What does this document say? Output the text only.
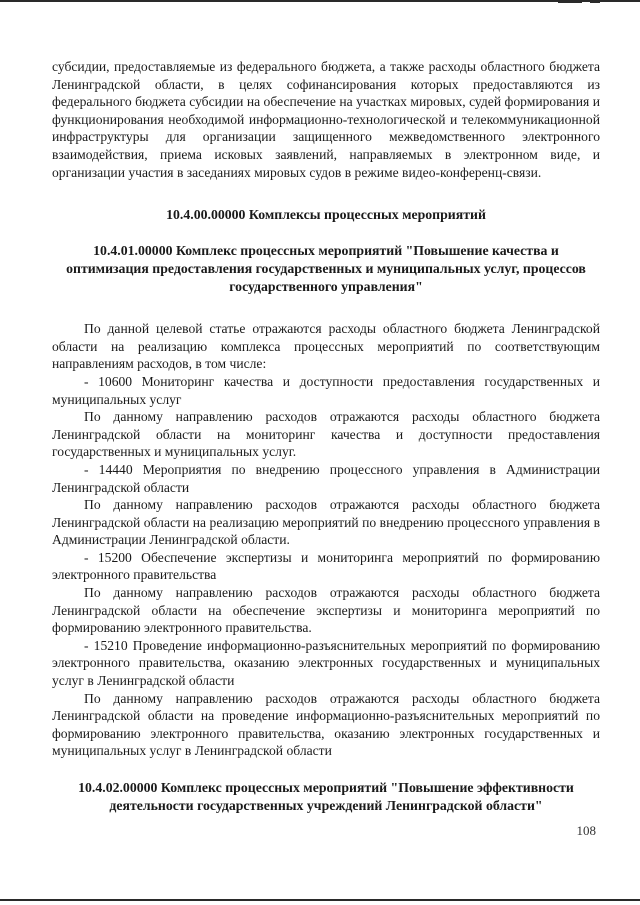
субсидии, предоставляемые из федерального бюджета, а также расходы областного бюджета Ленинградской области, в целях софинансирования которых предоставляются из федерального бюджета субсидии на обеспечение на участках мировых, судей формирования и функционирования необходимой информационно-технологической и телекоммуникационной инфраструктуры для организации защищенного межведомственного электронного взаимодействия, приема исковых заявлений, направляемых в электронном виде, и организации участия в заседаниях мировых судов в режиме видео-конференц-связи.

10.4.00.00000 Комплексы процессных мероприятий
10.4.01.00000 Комплекс процессных мероприятий "Повышение качества и оптимизация предоставления государственных и муниципальных услуг, процессов государственного управления"

По данной целевой статье отражаются расходы областного бюджета Ленинградской области на реализацию комплекса процессных мероприятий по соответствующим направлениям расходов, в том числе:

- 10600 Мониторинг качества и доступности предоставления государственных и муниципальных услуг

По данному направлению расходов отражаются расходы областного бюджета Ленинградской области на мониторинг качества и доступности предоставления государственных и муниципальных услуг.

- 14440 Мероприятия по внедрению процессного управления в Администрации Ленинградской области

По данному направлению расходов отражаются расходы областного бюджета Ленинградской области на реализацию мероприятий по внедрению процессного управления в Администрации Ленинградской области.

- 15200 Обеспечение экспертизы и мониторинга мероприятий по формированию электронного правительства

По данному направлению расходов отражаются расходы областного бюджета Ленинградской области на обеспечение экспертизы и мониторинга мероприятий по формированию электронного правительства.

- 15210 Проведение информационно-разъяснительных мероприятий по формированию электронного правительства, оказанию электронных государственных и муниципальных услуг в Ленинградской области

По данному направлению расходов отражаются расходы областного бюджета Ленинградской области на проведение информационно-разъяснительных мероприятий по формированию электронного правительства, оказанию электронных государственных и муниципальных услуг в Ленинградской области

10.4.02.00000 Комплекс процессных мероприятий "Повышение эффективности деятельности государственных учреждений Ленинградской области"
108
